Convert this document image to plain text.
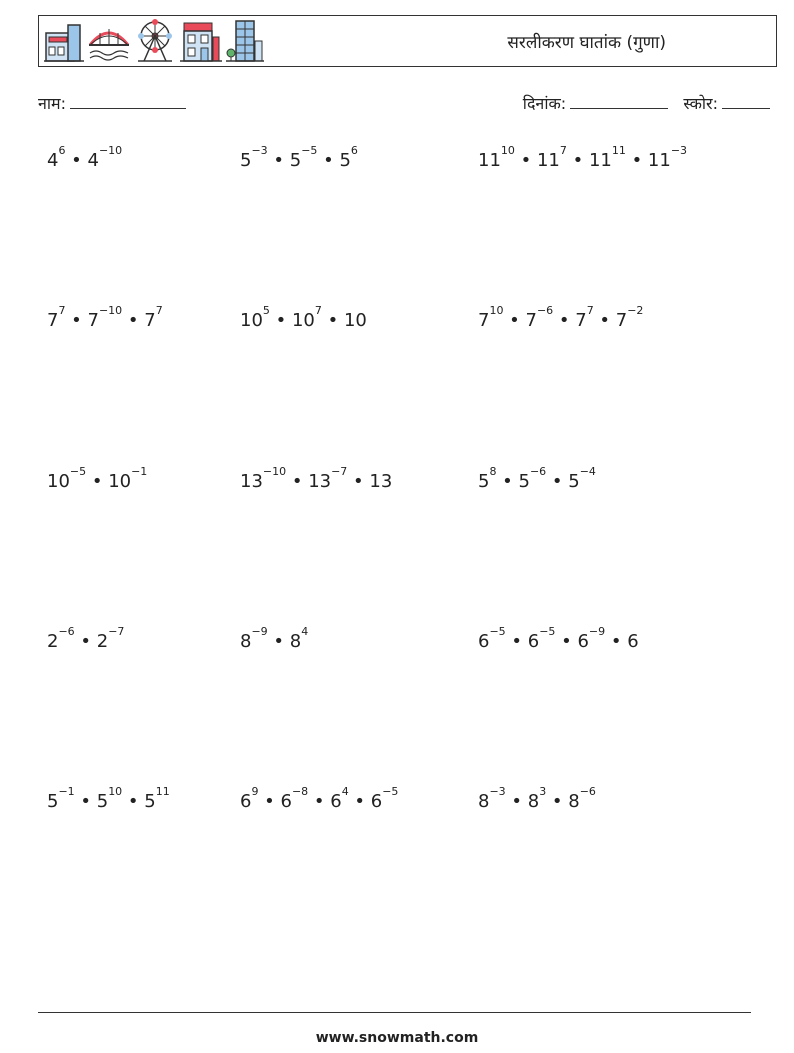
सरलीकरण घातांक (गुणा)
नाम:	दिनांक:	स्कोर:
$4^6$ • $4^{-10}$	$5^{-3}$ • $5^{-5}$ • $5^6$	$11^{10}$ • $11^7$ • $11^{11}$ • $11^{-3}$
$7^7$ • $7^{-10}$ • $7^7$	$10^5$ • $10^7$ • 10	$7^{10}$ • $7^{-6}$ • $7^7$ • $7^{-2}$
$10^{-5}$ • $10^{-1}$	$13^{-10}$ • $13^{-7}$ • 13	$5^8$ • $5^{-6}$ • $5^{-4}$
$2^{-6}$ • $2^{-7}$	$8^{-9}$ • $8^4$	$6^{-5}$ • $6^{-5}$ • $6^{-9}$ • 6
$5^{-1}$ • $5^{10}$ • $5^{11}$	$6^9$ • $6^{-8}$ • $6^4$ • $6^{-5}$	$8^{-3}$ • $8^3$ • $8^{-6}$
www.snowmath.com
